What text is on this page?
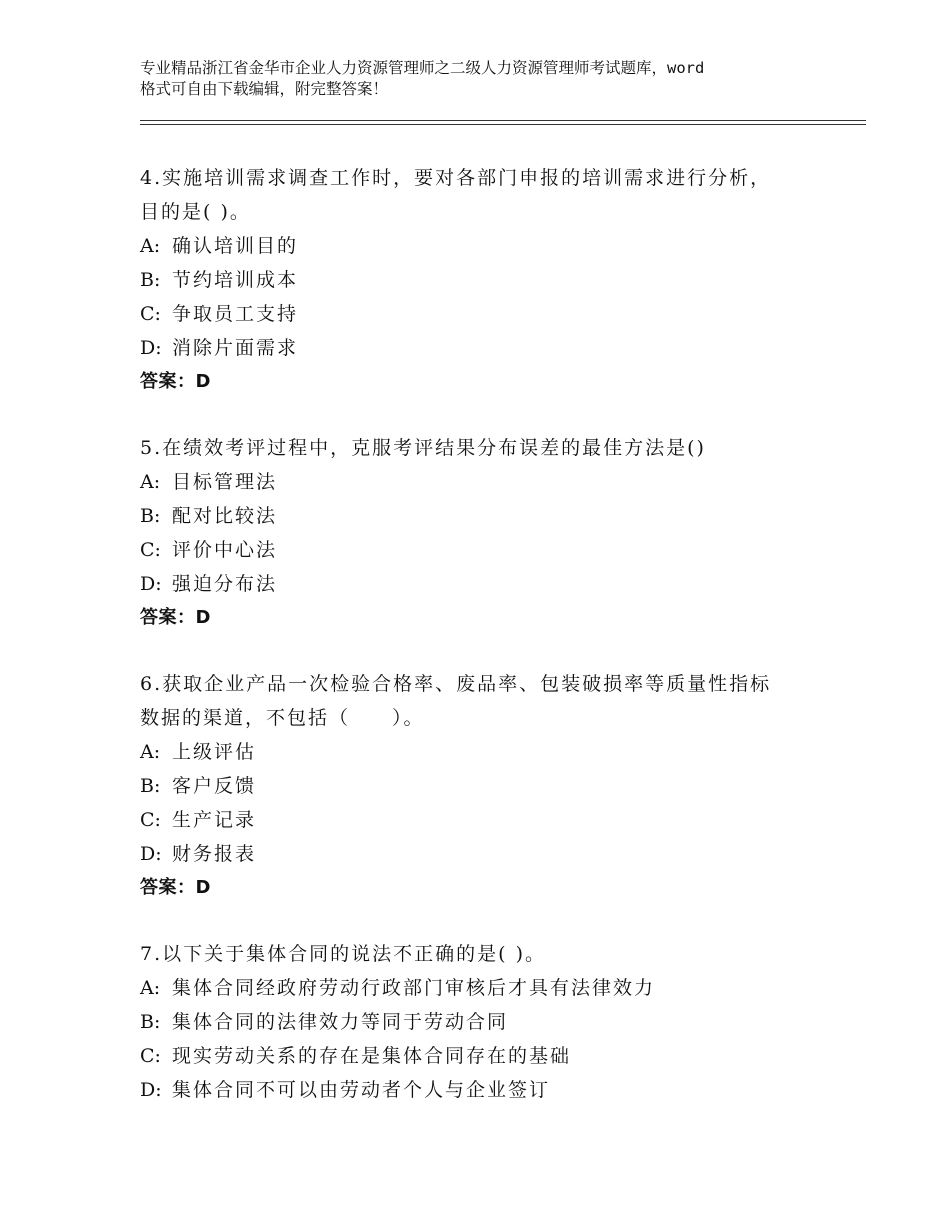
专业精品浙江省金华市企业人力资源管理师之二级人力资源管理师考试题库，word
格式可自由下载编辑，附完整答案！
4.实施培训需求调查工作时，要对各部门申报的培训需求进行分析，
目的是( )。
A: 确认培训目的
B: 节约培训成本
C: 争取员工支持
D: 消除片面需求
答案：D
5.在绩效考评过程中，克服考评结果分布误差的最佳方法是()
A: 目标管理法
B: 配对比较法
C: 评价中心法
D: 强迫分布法
答案：D
6.获取企业产品一次检验合格率、废品率、包装破损率等质量性指标
数据的渠道，不包括（　　）。
A: 上级评估
B: 客户反馈
C: 生产记录
D: 财务报表
答案：D
7.以下关于集体合同的说法不正确的是( )。
A: 集体合同经政府劳动行政部门审核后才具有法律效力
B: 集体合同的法律效力等同于劳动合同
C: 现实劳动关系的存在是集体合同存在的基础
D: 集体合同不可以由劳动者个人与企业签订
